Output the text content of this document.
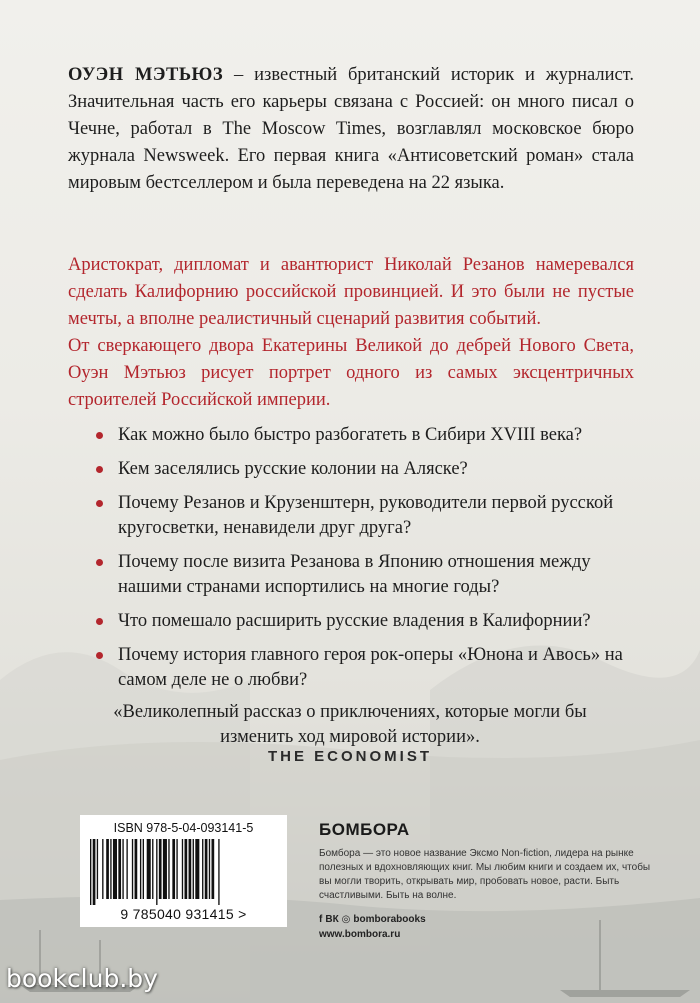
ОУЭН МЭТЬЮЗ – известный британский историк и журналист. Значительная часть его карьеры связана с Россией: он много писал о Чечне, работал в The Moscow Times, возглавлял московское бюро журнала Newsweek. Его первая книга «Антисоветский роман» стала мировым бестселлером и была переведена на 22 языка.

Аристократ, дипломат и авантюрист Николай Резанов намеревался сделать Калифорнию российской провинцией. И это были не пустые мечты, а вполне реалистичный сценарий развития событий.

От сверкающего двора Екатерины Великой до дебрей Нового Света, Оуэн Мэтьюз рисует портрет одного из самых эксцентричных строителей Российской империи.

Как можно было быстро разбогатеть в Сибири XVIII века?
Кем заселялись русские колонии на Аляске?
Почему Резанов и Крузенштерн, руководители первой русской кругосветки, ненавидели друг друга?
Почему после визита Резанова в Японию отношения между нашими странами испортились на многие годы?
Что помешало расширить русские владения в Калифорнии?
Почему история главного героя рок-оперы «Юнона и Авось» на самом деле не о любви?
«Великолепный рассказ о приключениях, которые могли бы изменить ход мировой истории».
THE ECONOMIST
ISBN 978-5-04-093141-5
9 785040 931415 >
БОМБОРА
Бомбора — это новое название Эксмо Non-fiction, лидера на рынке полезных и вдохновляющих книг. Мы любим книги и создаем их, чтобы вы могли творить, открывать мир, пробовать новое, расти. Быть счастливыми. Быть на волне.
f ВК ◎ bomborabooks
www.bombora.ru
bookclub.by
